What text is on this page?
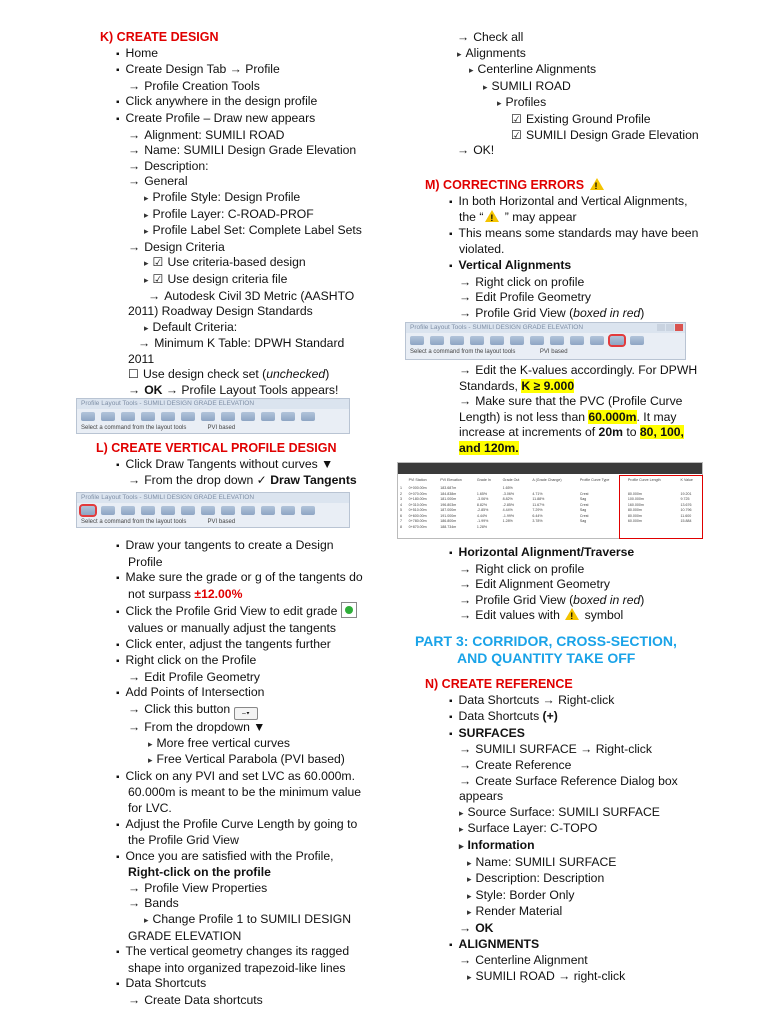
K) CREATE DESIGN
▪ Home
▪ Create Design Tab → Profile
→ Profile Creation Tools
▪ Click anywhere in the design profile
▪ Create Profile – Draw new appears
→ Alignment: SUMILI ROAD
→ Name: SUMILI Design Grade Elevation
→ Description:
→ General
▸ Profile Style: Design Profile
▸ Profile Layer: C-ROAD-PROF
▸ Profile Label Set: Complete Label Sets
→ Design Criteria
▸ ☑ Use criteria-based design
▸ ☑ Use design criteria file
→ Autodesk Civil 3D Metric (AASHTO
2011) Roadway Design Standards
▸ Default Criteria:
→ Minimum K Table: DPWH Standard
2011
☐ Use design check set (unchecked)
→ OK → Profile Layout Tools appears!
Profile Layout Tools - SUMILI DESIGN GRADE ELEVATION
Select a command from the layout tools	PVI based
L) CREATE VERTICAL PROFILE DESIGN
▪ Click Draw Tangents without curves ▼
→ From the drop down ✓ Draw Tangents
Profile Layout Tools - SUMILI DESIGN GRADE ELEVATION
Select a command from the layout tools	PVI based
▪ Draw your tangents to create a Design
Profile
▪ Make sure the grade or g of the tangents do
not surpass ±12.00%
▪ Click the Profile Grid View to edit grade
values or manually adjust the tangents
▪ Click enter, adjust the tangents further
▪ Right click on the Profile
→ Edit Profile Geometry
▪ Add Points of Intersection
→ Click this button ⌢▾
→ From the dropdown ▼
▸ More free vertical curves
▸ Free Vertical Parabola (PVI based)
▪ Click on any PVI and set LVC as 60.000m.
60.000m is meant to be the minimum value
for LVC.
▪ Adjust the Profile Curve Length by going to
the Profile Grid View
▪ Once you are satisfied with the Profile,
Right-click on the profile
→ Profile View Properties
→ Bands
▸ Change Profile 1 to SUMILI DESIGN
GRADE ELEVATION
▪ The vertical geometry changes its ragged
shape into organized trapezoid-like lines
▪ Data Shortcuts
→ Create Data shortcuts
→ Check all
▸ Alignments
▸ Centerline Alignments
▸ SUMILI ROAD
▸ Profiles
☑ Existing Ground Profile
☑ SUMILI Design Grade Elevation
→ OK!
M) CORRECTING ERRORS !
▪ In both Horizontal and Vertical Alignments,
the “! ” may appear
▪ This means some standards may have been
violated.
▪ Vertical Alignments
→ Right click on profile
→ Edit Profile Geometry
→ Profile Grid View (boxed in red)
Profile Layout Tools - SUMILI DESIGN GRADE ELEVATION
Select a command from the layout tools	PVI based
→ Edit the K-values accordingly. For DPWH
Standards, K ≥ 9.000
→ Make sure that the PVC (Profile Curve
Length) is not less than 60.000m. It may
increase at increments of 20m to 80, 100,
and 120m.
	PVI Station	PVI Elevation	Grade In	Grade Out	A (Grade Change)	Profile Curve Type	Profile Curve Length	K Value
1	0+000.00m	183.687m		1.65%				
2	0+070.00m	184.838m	1.65%	-3.06%	4.71%	Crest	80.000m	19.201
3	0+180.00m	181.000m	-3.06%	8.82%	11.88%	Sag	100.000m	9.725
4	0+310.00m	196.803m	8.82%	-2.85%	11.67%	Crest	160.000m	13.676
5	0+510.00m	187.000m	-2.85%	4.44%	7.29%	Sag	80.000m	10.796
6	0+600.00m	191.000m	4.44%	-1.99%	6.44%	Crest	80.000m	11.600
7	0+780.00m	186.800m	-1.99%	1.28%	3.78%	Sag	60.000m	15.884
8	0+870.00m	188.734m	1.28%					
▪ Horizontal Alignment/Traverse
→ Right click on profile
→ Edit Alignment Geometry
→ Profile Grid View (boxed in red)
→ Edit values with ! symbol
PART 3: CORRIDOR, CROSS-SECTION,
AND QUANTITY TAKE OFF
N) CREATE REFERENCE
▪ Data Shortcuts → Right-click
▪ Data Shortcuts (+)
▪ SURFACES
→ SUMILI SURFACE → Right-click
→ Create Reference
→ Create Surface Reference Dialog box
appears
▸ Source Surface: SUMILI SURFACE
▸ Surface Layer: C-TOPO
▸ Information
▸ Name: SUMILI SURFACE
▸ Description: Description
▸ Style: Border Only
▸ Render Material
→ OK
▪ ALIGNMENTS
→ Centerline Alignment
▸ SUMILI ROAD → right-click
